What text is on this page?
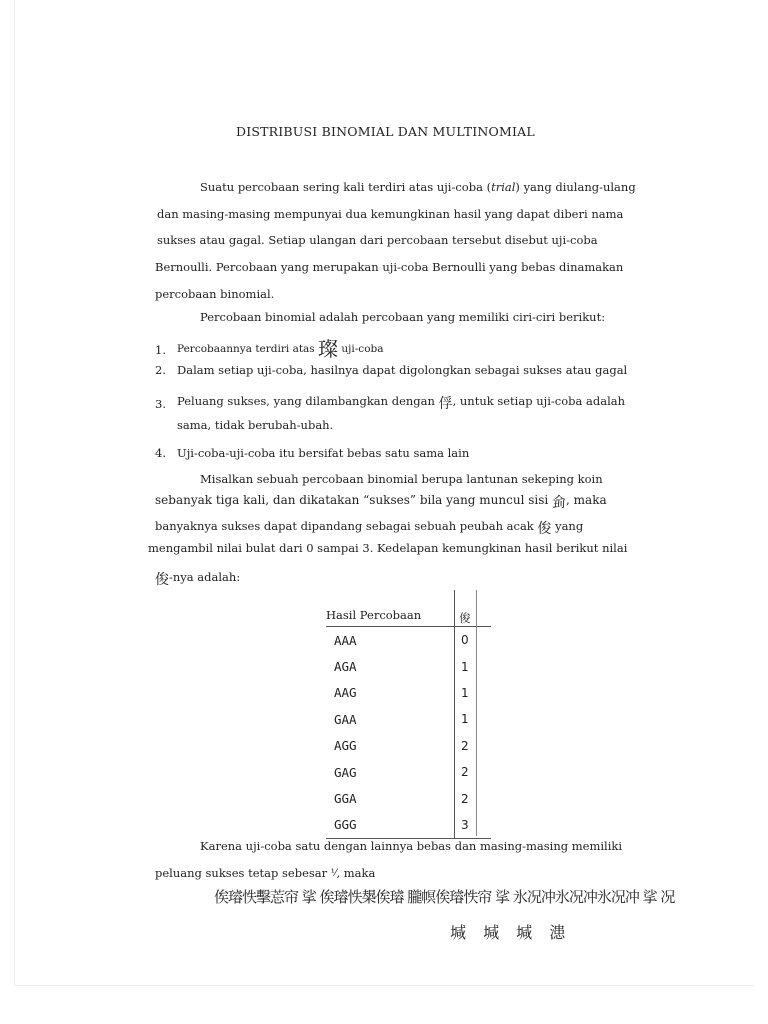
DISTRIBUSI BINOMIAL DAN MULTINOMIAL
Suatu percobaan sering kali terdiri atas uji-coba (trial) yang diulang-ulang
dan masing-masing mempunyai dua kemungkinan hasil yang dapat diberi nama
sukses atau gagal. Setiap ulangan dari percobaan tersebut disebut uji-coba
Bernoulli. Percobaan yang merupakan uji-coba Bernoulli yang bebas dinamakan
percobaan binomial.
Percobaan binomial adalah percobaan yang memiliki ciri-ciri berikut:
1. Percobaannya terdiri atas 璨 uji-coba
2. Dalam setiap uji-coba, hasilnya dapat digolongkan sebagai sukses atau gagal
3. Peluang sukses, yang dilambangkan dengan 俘, untuk setiap uji-coba adalah
sama, tidak berubah-ubah.
4. Uji-coba-uji-coba itu bersifat bebas satu sama lain
Misalkan sebuah percobaan binomial berupa lantunan sekeping koin
sebanyak tiga kali, dan dikatakan “sukses” bila yang muncul sisi 侴, maka
banyaknya sukses dapat dipandang sebagai sebuah peubah acak 俊 yang
mengambil nilai bulat dari 0 sampai 3. Kedelapan kemungkinan hasil berikut nilai
俊-nya adalah:
Hasil Percobaan	俊
AAA	0
AGA	1
AAG	1
GAA	1
AGG	2
GAG	2
GGA	2
GGG	3
Karena uji-coba satu dengan lainnya bebas dan masing-masing memiliki
peluang sukses tetap sebesar ⅟, maka
俟璿怢擊莣帘 挲 俟璿怢槼俟璿 朧幎俟璿怢帘 挲 氷况冲氷况冲氷况冲 挲 况
堿 堿 堿 漶
